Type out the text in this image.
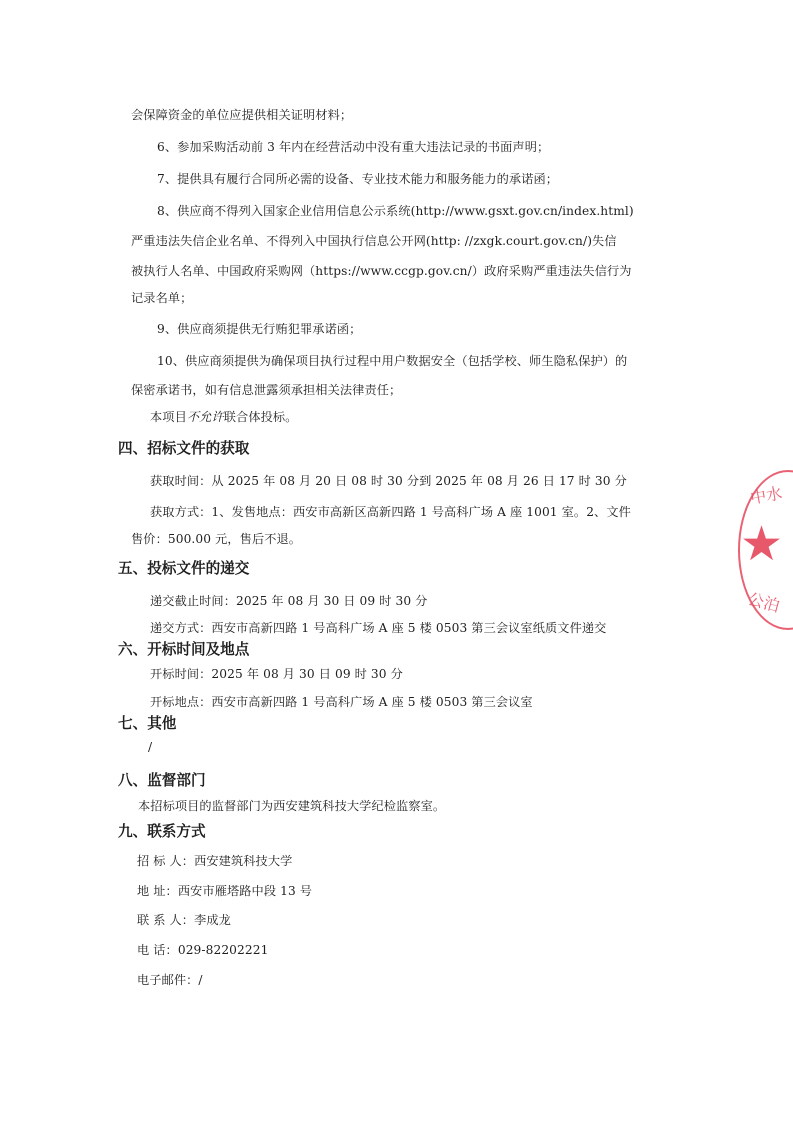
会保障资金的单位应提供相关证明材料；
6、参加采购活动前 3 年内在经营活动中没有重大违法记录的书面声明；
7、提供具有履行合同所必需的设备、专业技术能力和服务能力的承诺函；
8、供应商不得列入国家企业信用信息公示系统(http://www.gsxt.gov.cn/index.html)
严重违法失信企业名单、不得列入中国执行信息公开网(http: //zxgk.court.gov.cn/)失信
被执行人名单、中国政府采购网（https://www.ccgp.gov.cn/）政府采购严重违法失信行为
记录名单；
9、供应商须提供无行贿犯罪承诺函；
10、供应商须提供为确保项目执行过程中用户数据安全（包括学校、师生隐私保护）的
保密承诺书，如有信息泄露须承担相关法律责任；
本项目不允许联合体投标。
四、招标文件的获取
获取时间：从 2025 年 08 月 20 日 08 时 30 分到 2025 年 08 月 26 日 17 时 30 分
获取方式：1、发售地点：西安市高新区高新四路 1 号高科广场 A 座 1001 室。2、文件
售价：500.00 元，售后不退。
五、投标文件的递交
递交截止时间：2025 年 08 月 30 日 09 时 30 分
递交方式：西安市高新四路 1 号高科广场 A 座 5 楼 0503 第三会议室纸质文件递交
六、开标时间及地点
开标时间：2025 年 08 月 30 日 09 时 30 分
开标地点：西安市高新四路 1 号高科广场 A 座 5 楼 0503 第三会议室
七、其他
/
八、监督部门
本招标项目的监督部门为西安建筑科技大学纪检监察室。
九、联系方式
招 标 人：西安建筑科技大学
地 址：西安市雁塔路中段 13 号
联 系 人：李成龙
电 话：029-82202221
电子邮件：/
★
中水
公泊
